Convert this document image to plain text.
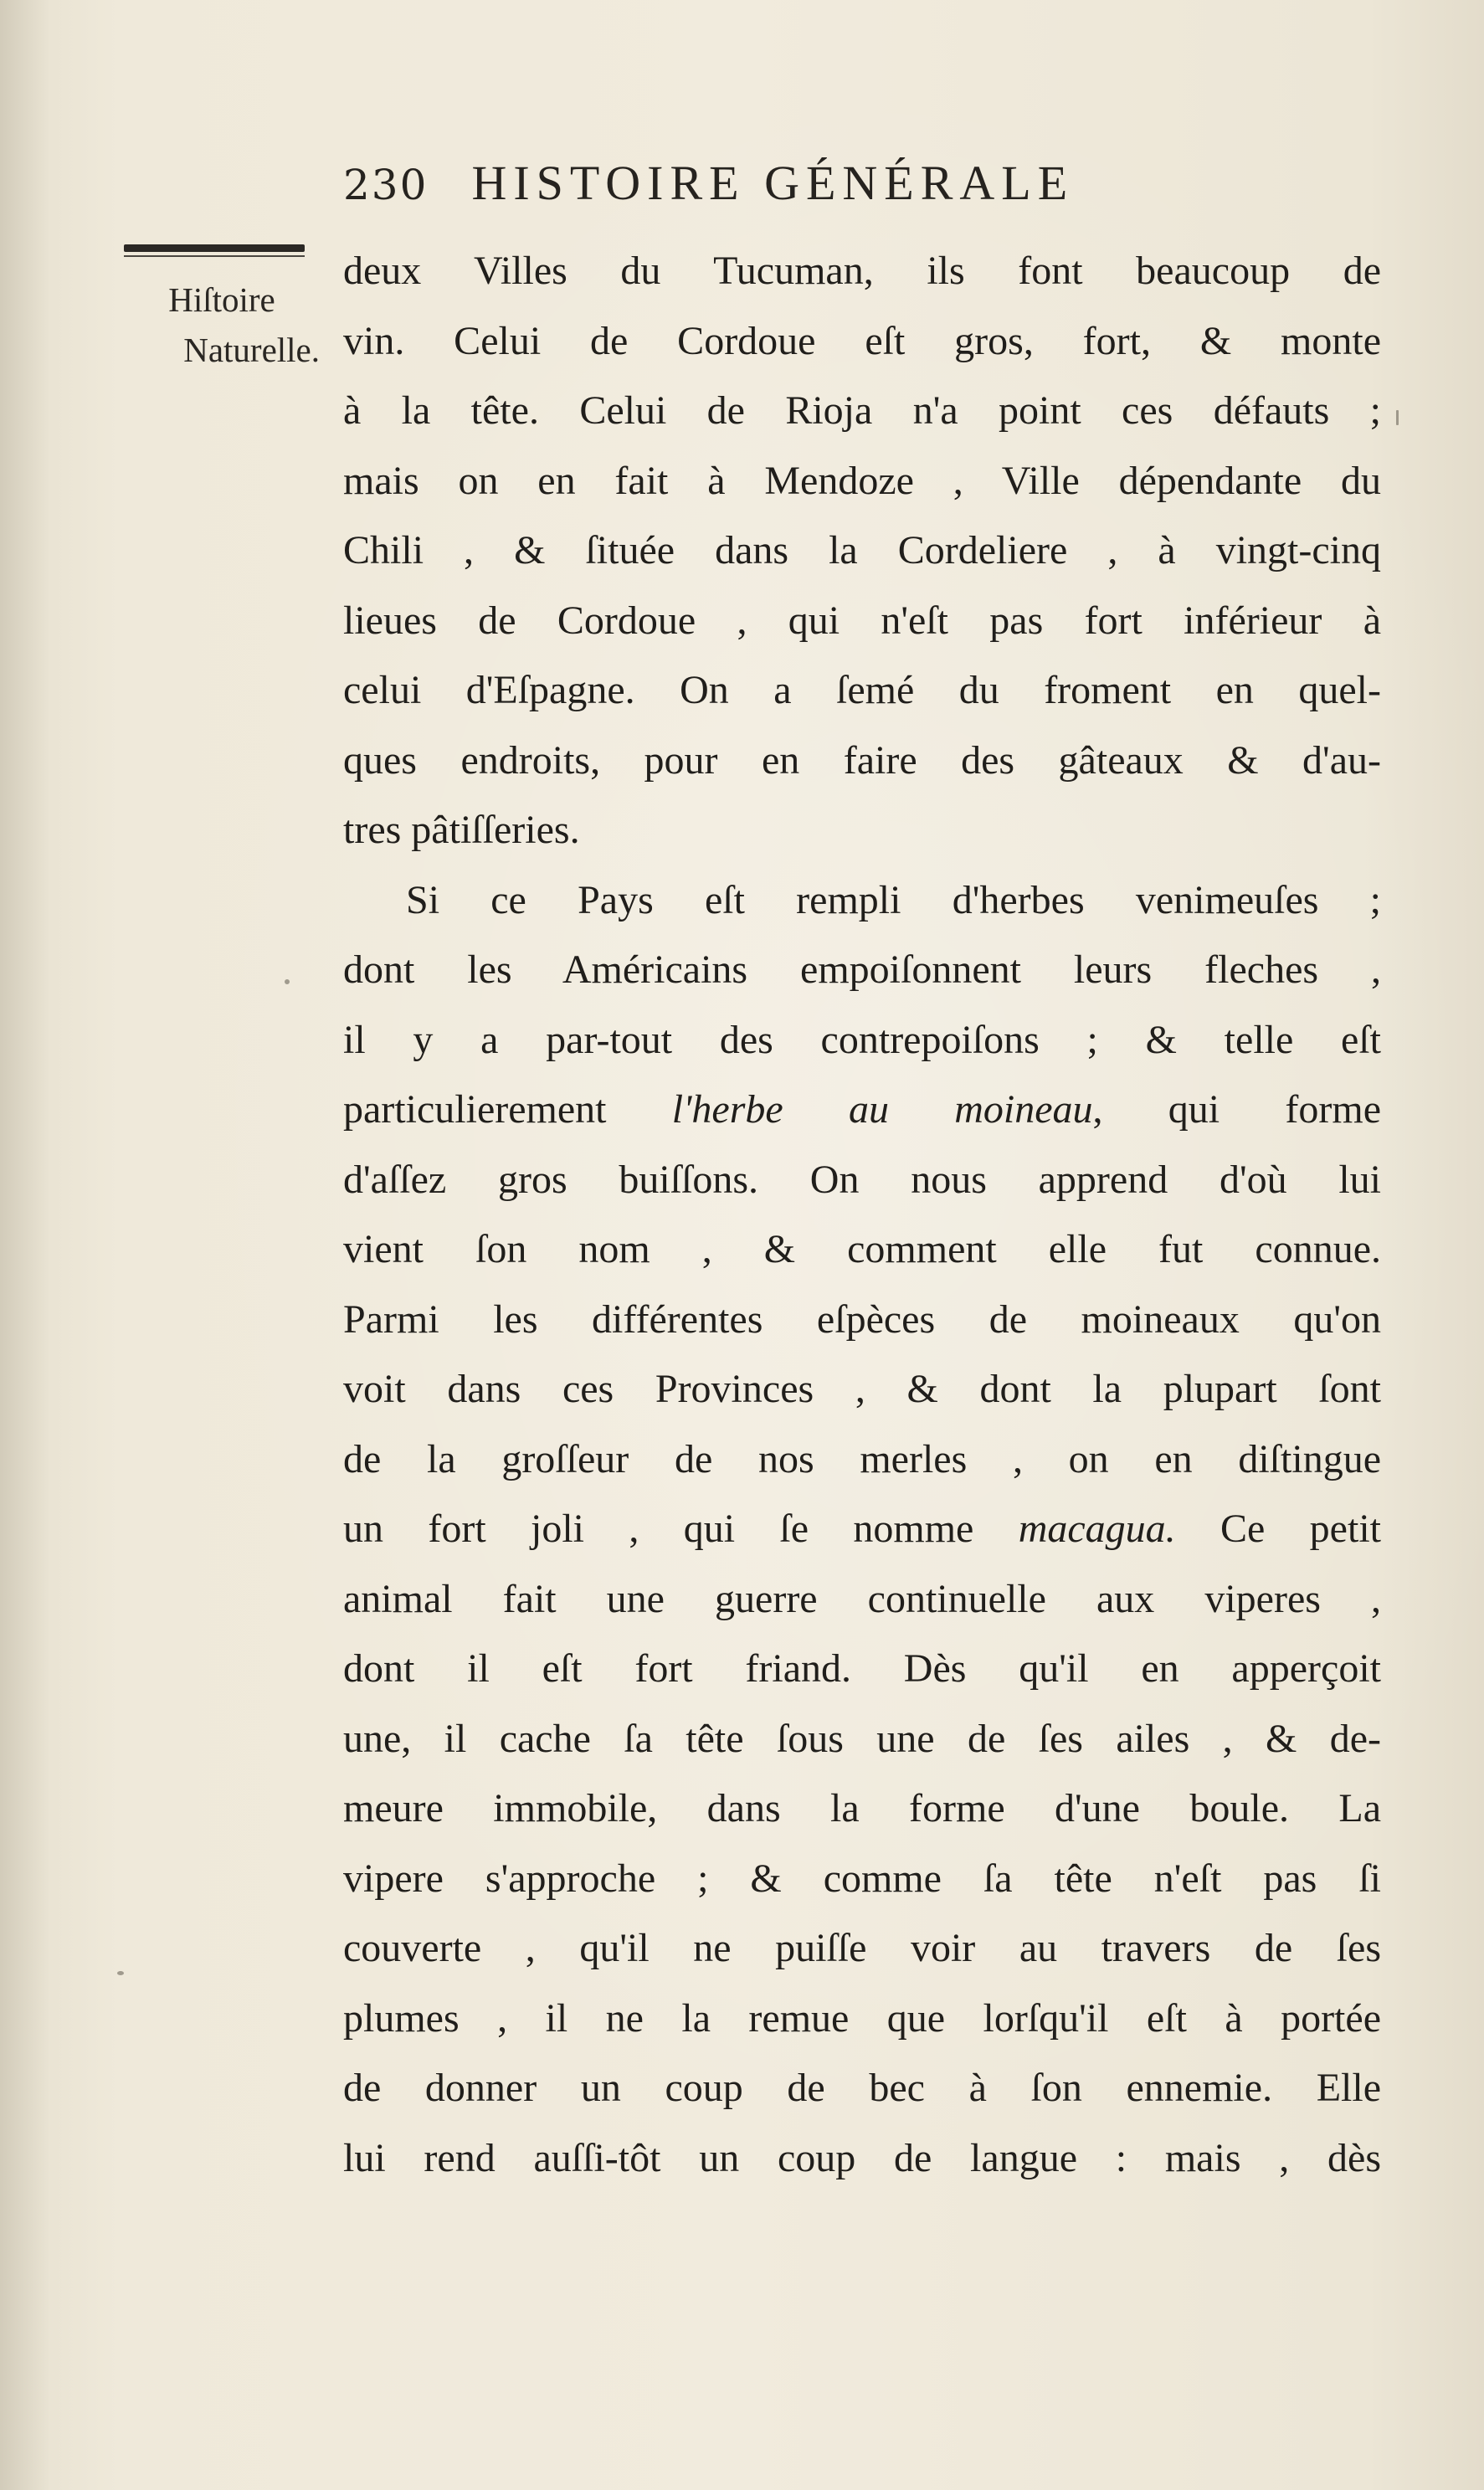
230 HISTOIRE GÉNÉRALE
Hiſtoire
Naturelle.
deux Villes du Tucuman, ils font beaucoup de
vin. Celui de Cordoue eſt gros, fort, & monte
à la tête. Celui de Rioja n'a point ces défauts ;
mais on en fait à Mendoze , Ville dépendante du
Chili , & ſituée dans la Cordeliere , à vingt-cinq
lieues de Cordoue , qui n'eſt pas fort inférieur à
celui d'Eſpagne. On a ſemé du froment en quel-
ques endroits, pour en faire des gâteaux & d'au-
tres pâtiſſeries.
Si ce Pays eſt rempli d'herbes venimeuſes ;
dont les Américains empoiſonnent leurs fleches ,
il y a par-tout des contrepoiſons ; & telle eſt
particulierement l'herbe au moineau, qui forme
d'aſſez gros buiſſons. On nous apprend d'où lui
vient ſon nom , & comment elle fut connue.
Parmi les différentes eſpèces de moineaux qu'on
voit dans ces Provinces , & dont la plupart ſont
de la groſſeur de nos merles , on en diſtingue
un fort joli , qui ſe nomme macagua. Ce petit
animal fait une guerre continuelle aux viperes ,
dont il eſt fort friand. Dès qu'il en apperçoit
une, il cache ſa tête ſous une de ſes ailes , & de-
meure immobile, dans la forme d'une boule. La
vipere s'approche ; & comme ſa tête n'eſt pas ſi
couverte , qu'il ne puiſſe voir au travers de ſes
plumes , il ne la remue que lorſqu'il eſt à portée
de donner un coup de bec à ſon ennemie. Elle
lui rend auſſi-tôt un coup de langue : mais , dès
